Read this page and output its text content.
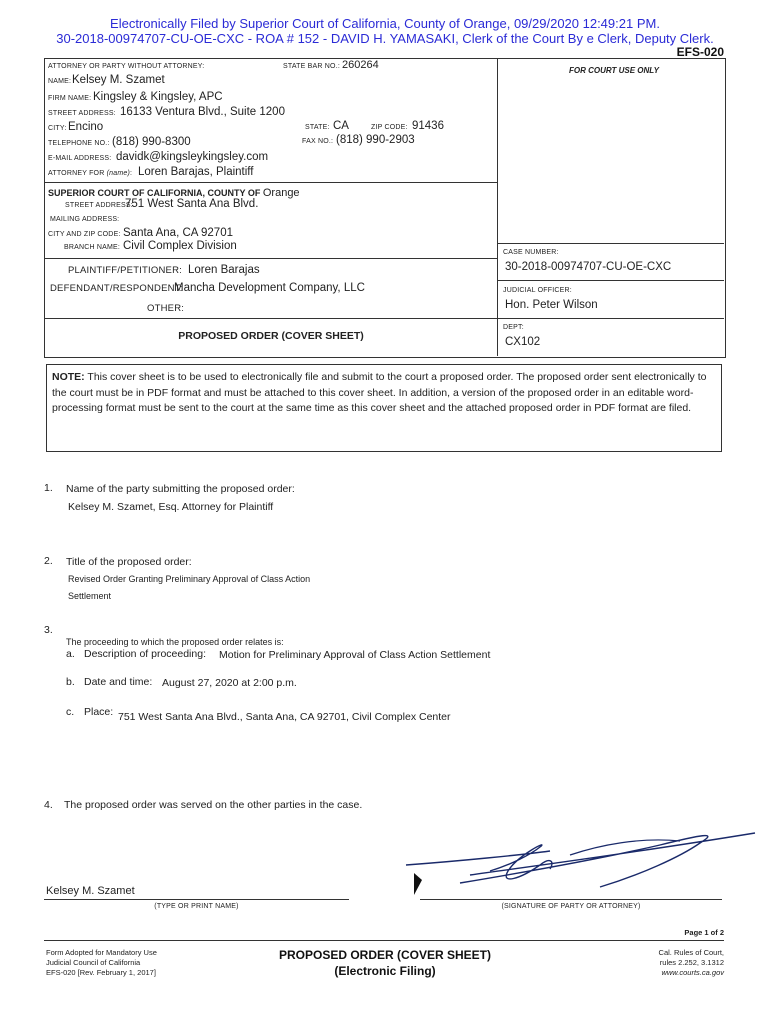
Electronically Filed by Superior Court of California, County of Orange, 09/29/2020 12:49:21 PM.
30-2018-00974707-CU-OE-CXC - ROA # 152 - DAVID H. YAMASAKI, Clerk of the Court By e Clerk, Deputy Clerk.
EFS-020
ATTORNEY OR PARTY WITHOUT ATTORNEY:	STATE BAR NO.: 260264	FOR COURT USE ONLY
NAME: Kelsey M. Szamet
FIRM NAME: Kingsley & Kingsley, APC
STREET ADDRESS: 16133 Ventura Blvd., Suite 1200
CITY: Encino	STATE: CA	ZIP CODE: 91436
TELEPHONE NO.: (818) 990-8300	FAX NO.: (818) 990-2903
E-MAIL ADDRESS: davidk@kingsleykingsley.com
ATTORNEY FOR (name): Loren Barajas, Plaintiff
SUPERIOR COURT OF CALIFORNIA, COUNTY OF Orange
STREET ADDRESS:
751 West Santa Ana Blvd.
MAILING ADDRESS:
CITY AND ZIP CODE: Santa Ana, CA 92701
BRANCH NAME: Civil Complex Division
CASE NUMBER:
30-2018-00974707-CU-OE-CXC
JUDICIAL OFFICER:
Hon. Peter Wilson
DEPT:
CX102
PLAINTIFF/PETITIONER: Loren Barajas
DEFENDANT/RESPONDENT:
Mancha Development Company, LLC
OTHER:
PROPOSED ORDER (COVER SHEET)
NOTE: This cover sheet is to be used to electronically file and submit to the court a proposed order. The proposed order sent electronically to the court must be in PDF format and must be attached to this cover sheet. In addition, a version of the proposed order in an editable word-processing format must be sent to the court at the same time as this cover sheet and the attached proposed order in PDF format are filed.
1. Name of the party submitting the proposed order:
Kelsey M. Szamet, Esq. Attorney for Plaintiff
2. Title of the proposed order:
Revised Order Granting Preliminary Approval of Class Action
Settlement
3.
The proceeding to which the proposed order relates is:
a. Description of proceeding: Motion for Preliminary Approval of Class Action Settlement
b. Date and time: August 27, 2020 at 2:00 p.m.
c. Place: 751 West Santa Ana Blvd., Santa Ana, CA 92701, Civil Complex Center
4. The proposed order was served on the other parties in the case.
Kelsey M. Szamet
(TYPE OR PRINT NAME)	(SIGNATURE OF PARTY OR ATTORNEY)
Page 1 of 2
Form Adopted for Mandatory Use
Judicial Council of California
EFS-020 [Rev. February 1, 2017]
PROPOSED ORDER (COVER SHEET)
(Electronic Filing)
Cal. Rules of Court,
rules 2.252, 3.1312
www.courts.ca.gov
